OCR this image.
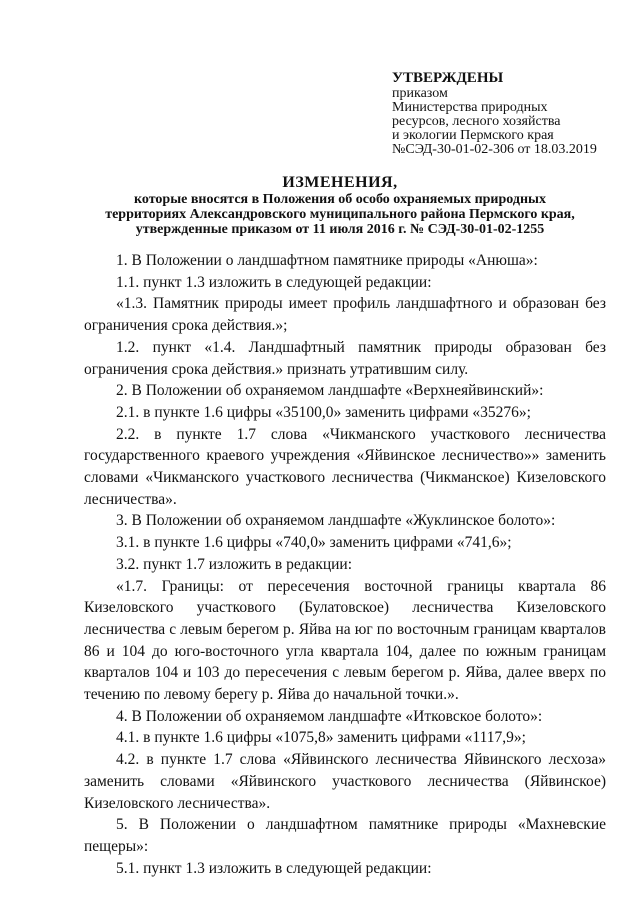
УТВЕРЖДЕНЫ
приказом
Министерства природных
ресурсов, лесного хозяйства
и экологии Пермского края
№СЭД-30-01-02-306 от 18.03.2019
ИЗМЕНЕНИЯ,
которые вносятся в Положения об особо охраняемых природных
территориях Александровского муниципального района Пермского края,
утвержденные приказом от 11 июля 2016 г. № СЭД-30-01-02-1255

1. В Положении о ландшафтном памятнике природы «Анюша»:

1.1. пункт 1.3 изложить в следующей редакции:

«1.3. Памятник природы имеет профиль ландшафтного и образован без ограничения срока действия.»;

1.2. пункт «1.4. Ландшафтный памятник природы образован без ограничения срока действия.» признать утратившим силу.

2. В Положении об охраняемом ландшафте «Верхнеяйвинский»:

2.1. в пункте 1.6 цифры «35100,0» заменить цифрами «35276»;

2.2. в пункте 1.7 слова «Чикманского участкового лесничества государственного краевого учреждения «Яйвинское лесничество»» заменить словами «Чикманского участкового лесничества (Чикманское) Кизеловского лесничества».

3. В Положении об охраняемом ландшафте «Жуклинское болото»:

3.1. в пункте 1.6 цифры «740,0» заменить цифрами «741,6»;

3.2. пункт 1.7 изложить в редакции:

«1.7. Границы: от пересечения восточной границы квартала 86 Кизеловского участкового (Булатовское) лесничества Кизеловского лесничества с левым берегом р. Яйва на юг по восточным границам кварталов 86 и 104 до юго-восточного угла квартала 104, далее по южным границам кварталов 104 и 103 до пересечения с левым берегом р. Яйва, далее вверх по течению по левому берегу р. Яйва до начальной точки.».

4. В Положении об охраняемом ландшафте «Итковское болото»:

4.1. в пункте 1.6 цифры «1075,8» заменить цифрами «1117,9»;

4.2. в пункте 1.7 слова «Яйвинского лесничества Яйвинского лесхоза» заменить словами «Яйвинского участкового лесничества (Яйвинское) Кизеловского лесничества».

5. В Положении о ландшафтном памятнике природы «Махневские пещеры»:

5.1. пункт 1.3 изложить в следующей редакции:
